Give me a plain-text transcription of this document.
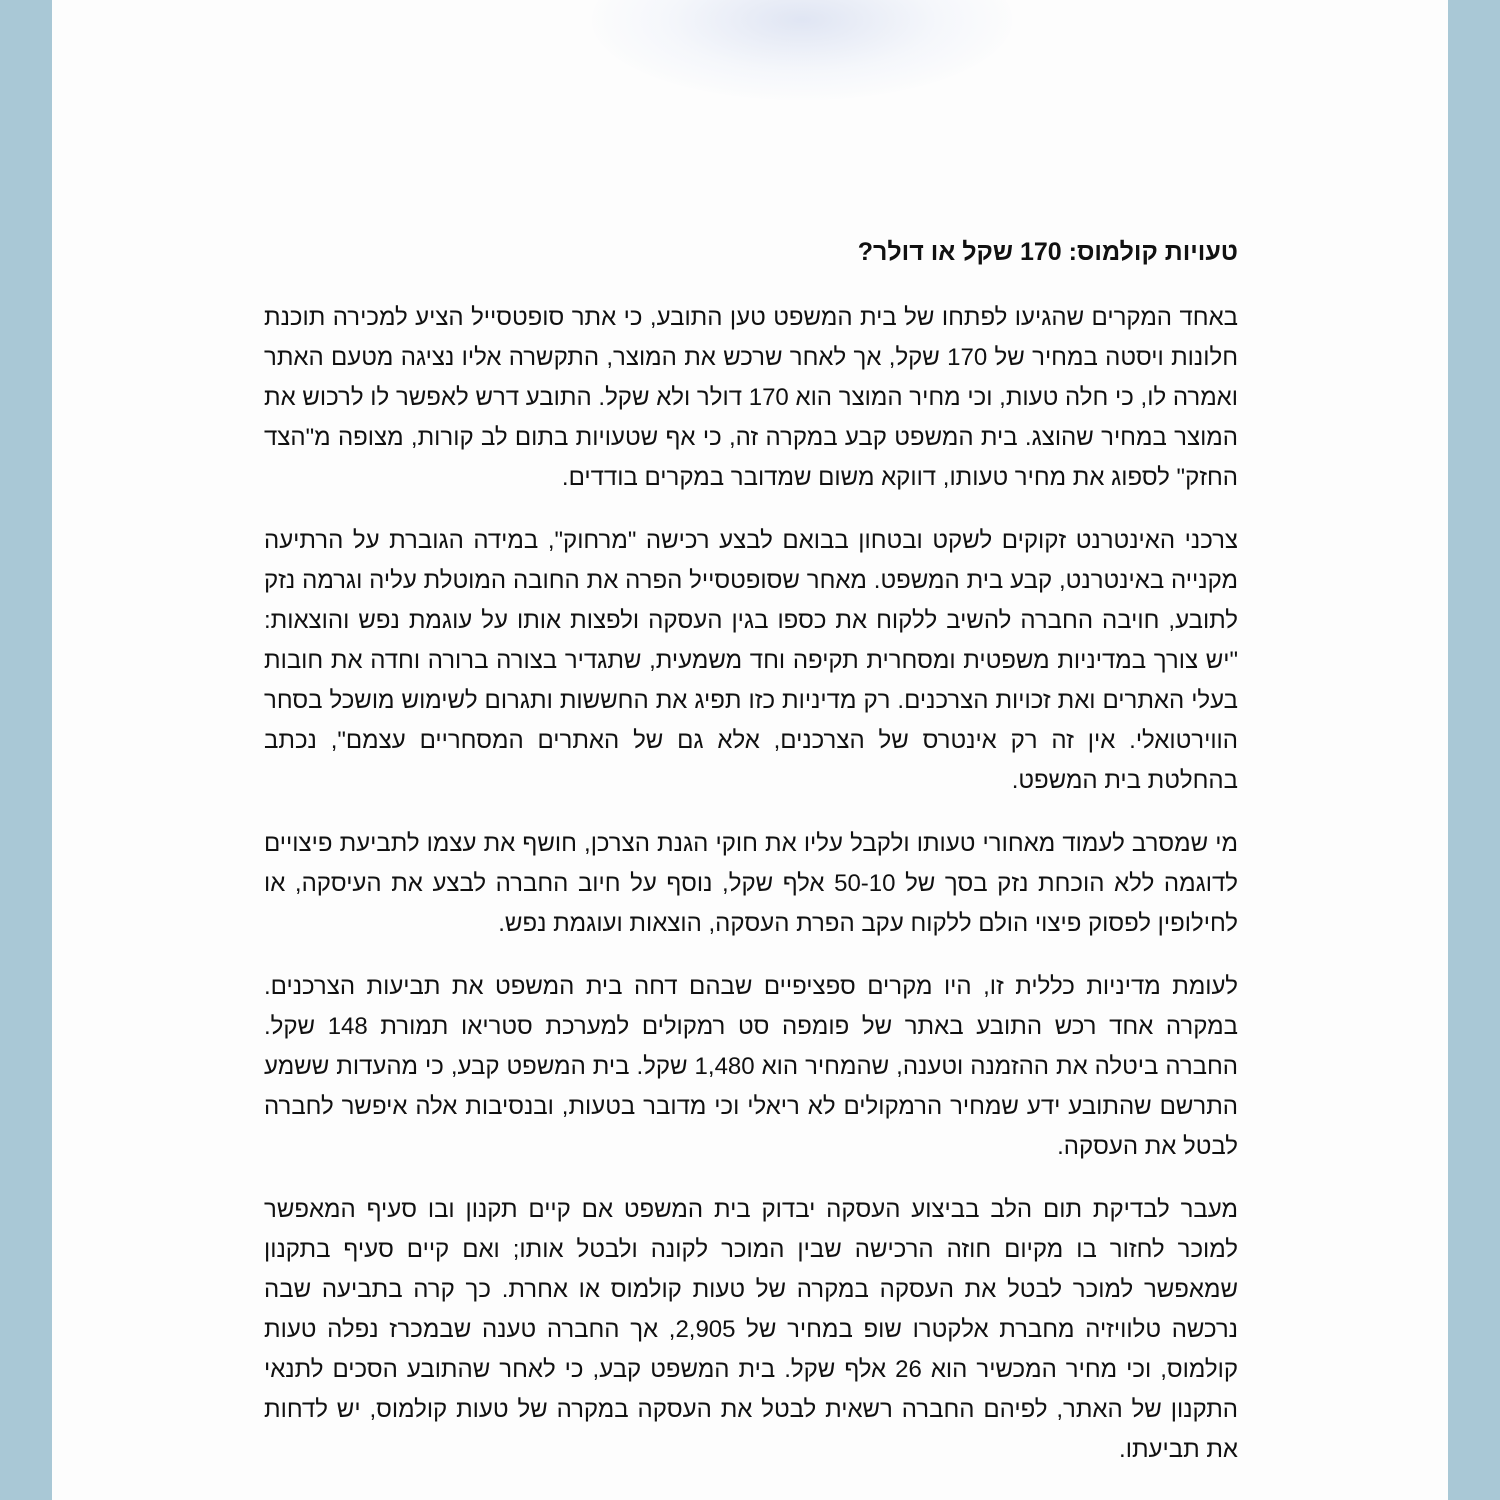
טעויות קולמוס: 170 שקל או דולר?

באחד המקרים שהגיעו לפתחו של בית המשפט טען התובע, כי אתר סופטסייל הציע למכירה תוכנת חלונות ויסטה במחיר של 170 שקל, אך לאחר שרכש את המוצר, התקשרה אליו נציגה מטעם האתר ואמרה לו, כי חלה טעות, וכי מחיר המוצר הוא 170 דולר ולא שקל. התובע דרש לאפשר לו לרכוש את המוצר במחיר שהוצג. בית המשפט קבע במקרה זה, כי אף שטעויות בתום לב קורות, מצופה מ"הצד החזק" לספוג את מחיר טעותו, דווקא משום שמדובר במקרים בודדים.

צרכני האינטרנט זקוקים לשקט ובטחון בבואם לבצע רכישה "מרחוק", במידה הגוברת על הרתיעה מקנייה באינטרנט, קבע בית המשפט. מאחר שסופטסייל הפרה את החובה המוטלת עליה וגרמה נזק לתובע, חויבה החברה להשיב ללקוח את כספו בגין העסקה ולפצות אותו על עוגמת נפש והוצאות: "יש צורך במדיניות משפטית ומסחרית תקיפה וחד משמעית, שתגדיר בצורה ברורה וחדה את חובות בעלי האתרים ואת זכויות הצרכנים. רק מדיניות כזו תפיג את החששות ותגרום לשימוש מושכל בסחר הווירטואלי. אין זה רק אינטרס של הצרכנים, אלא גם של האתרים המסחריים עצמם", נכתב בהחלטת בית המשפט.

מי שמסרב לעמוד מאחורי טעותו ולקבל עליו את חוקי הגנת הצרכן, חושף את עצמו לתביעת פיצויים לדוגמה ללא הוכחת נזק בסך של 50-10 אלף שקל, נוסף על חיוב החברה לבצע את העיסקה, או לחילופין לפסוק פיצוי הולם ללקוח עקב הפרת העסקה, הוצאות ועוגמת נפש.

לעומת מדיניות כללית זו, היו מקרים ספציפיים שבהם דחה בית המשפט את תביעות הצרכנים. במקרה אחד רכש התובע באתר של פומפה סט רמקולים למערכת סטריאו תמורת 148 שקל. החברה ביטלה את ההזמנה וטענה, שהמחיר הוא 1,480 שקל. בית המשפט קבע, כי מהעדות ששמע התרשם שהתובע ידע שמחיר הרמקולים לא ריאלי וכי מדובר בטעות, ובנסיבות אלה איפשר לחברה לבטל את העסקה.

מעבר לבדיקת תום הלב בביצוע העסקה יבדוק בית המשפט אם קיים תקנון ובו סעיף המאפשר למוכר לחזור בו מקיום חוזה הרכישה שבין המוכר לקונה ולבטל אותו; ואם קיים סעיף בתקנון שמאפשר למוכר לבטל את העסקה במקרה של טעות קולמוס או אחרת. כך קרה בתביעה שבה נרכשה טלוויזיה מחברת אלקטרו שופ במחיר של 2,905, אך החברה טענה שבמכרז נפלה טעות קולמוס, וכי מחיר המכשיר הוא 26 אלף שקל. בית המשפט קבע, כי לאחר שהתובע הסכים לתנאי התקנון של האתר, לפיהם החברה רשאית לבטל את העסקה במקרה של טעות קולמוס, יש לדחות את תביעתו.
